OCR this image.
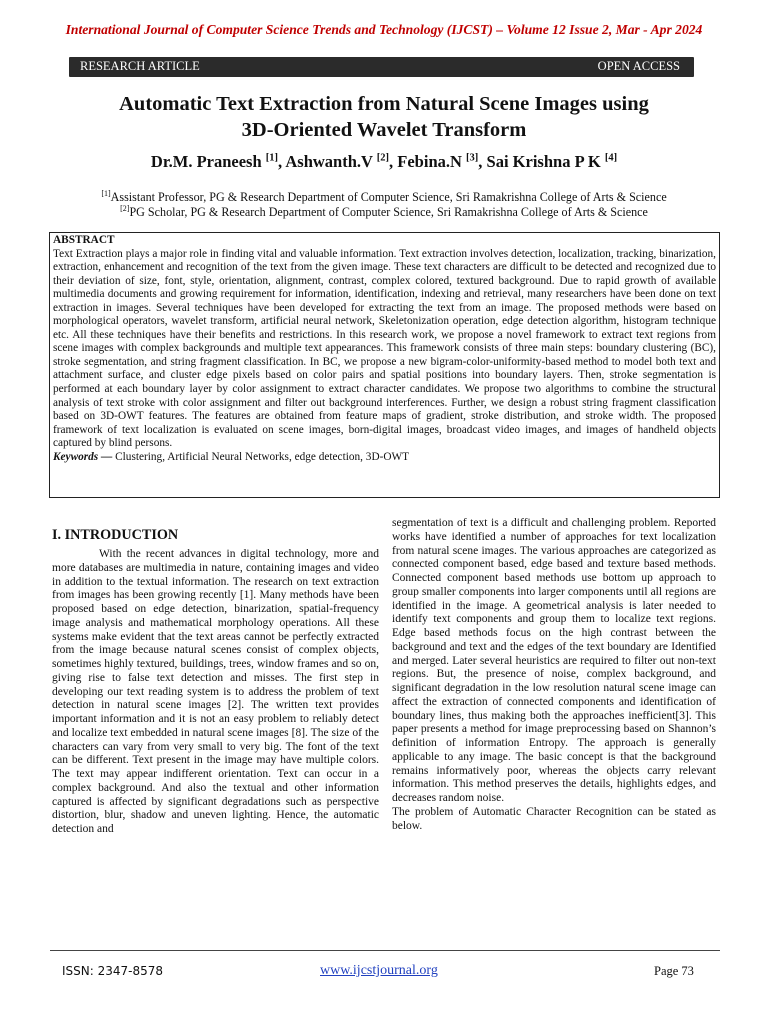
International Journal of Computer Science Trends and Technology (IJCST) – Volume 12 Issue 2, Mar - Apr 2024
RESEARCH ARTICLE	OPEN ACCESS
Automatic Text Extraction from Natural Scene Images using
3D-Oriented Wavelet Transform
Dr.M. Praneesh [1], Ashwanth.V [2], Febina.N [3], Sai Krishna P K [4]
[1]Assistant Professor, PG & Research Department of Computer Science, Sri Ramakrishna College of Arts & Science
[2]PG Scholar, PG & Research Department of Computer Science, Sri Ramakrishna College of Arts & Science
ABSTRACT
Text Extraction plays a major role in finding vital and valuable information. Text extraction involves detection, localization, tracking, binarization, extraction, enhancement and recognition of the text from the given image. These text characters are difficult to be detected and recognized due to their deviation of size, font, style, orientation, alignment, contrast, complex colored, textured background. Due to rapid growth of available multimedia documents and growing requirement for information, identification, indexing and retrieval, many researchers have been done on text extraction in images. Several techniques have been developed for extracting the text from an image. The proposed methods were based on morphological operators, wavelet transform, artificial neural network, Skeletonization operation, edge detection algorithm, histogram technique etc. All these techniques have their benefits and restrictions. In this research work, we propose a novel framework to extract text regions from scene images with complex backgrounds and multiple text appearances. This framework consists of three main steps: boundary clustering (BC), stroke segmentation, and string fragment classification. In BC, we propose a new bigram-color-uniformity-based method to model both text and attachment surface, and cluster edge pixels based on color pairs and spatial positions into boundary layers. Then, stroke segmentation is performed at each boundary layer by color assignment to extract character candidates. We propose two algorithms to combine the structural analysis of text stroke with color assignment and filter out background interferences. Further, we design a robust string fragment classification based on 3D-OWT features. The features are obtained from feature maps of gradient, stroke distribution, and stroke width. The proposed framework of text localization is evaluated on scene images, born-digital images, broadcast video images, and images of handheld objects captured by blind persons.
Keywords — Clustering, Artificial Neural Networks, edge detection, 3D-OWT
I. INTRODUCTION
With the recent advances in digital technology, more and more databases are multimedia in nature, containing images and video in addition to the textual information. The research on text extraction from images has been growing recently [1]. Many methods have been proposed based on edge detection, binarization, spatial-frequency image analysis and mathematical morphology operations. All these systems make evident that the text areas cannot be perfectly extracted from the image because natural scenes consist of complex objects, sometimes highly textured, buildings, trees, window frames and so on, giving rise to false text detection and misses. The first step in developing our text reading system is to address the problem of text detection in natural scene images [2]. The written text provides important information and it is not an easy problem to reliably detect and localize text embedded in natural scene images [8]. The size of the characters can vary from very small to very big. The font of the text can be different. Text present in the image may have multiple colors. The text may appear indifferent orientation. Text can occur in a complex background. And also the textual and other information captured is affected by significant degradations such as perspective distortion, blur, shadow and uneven lighting. Hence, the automatic detection and

segmentation of text is a difficult and challenging problem. Reported works have identified a number of approaches for text localization from natural scene images. The various approaches are categorized as connected component based, edge based and texture based methods. Connected component based methods use bottom up approach to group smaller components into larger components until all regions are identified in the image. A geometrical analysis is later needed to identify text components and group them to localize text regions. Edge based methods focus on the high contrast between the background and text and the edges of the text boundary are Identified and merged. Later several heuristics are required to filter out non-text regions. But, the presence of noise, complex background, and significant degradation in the low resolution natural scene image can affect the extraction of connected components and identification of boundary lines, thus making both the approaches inefficient[3]. This paper presents a method for image preprocessing based on Shannon’s definition of information Entropy. The approach is generally applicable to any image. The basic concept is that the background remains informatively poor, whereas the objects carry relevant information. This method preserves the details, highlights edges, and decreases random noise.

The problem of Automatic Character Recognition can be stated as below.

ISSN: 2347-8578	www.ijcstjournal.org	Page 73
